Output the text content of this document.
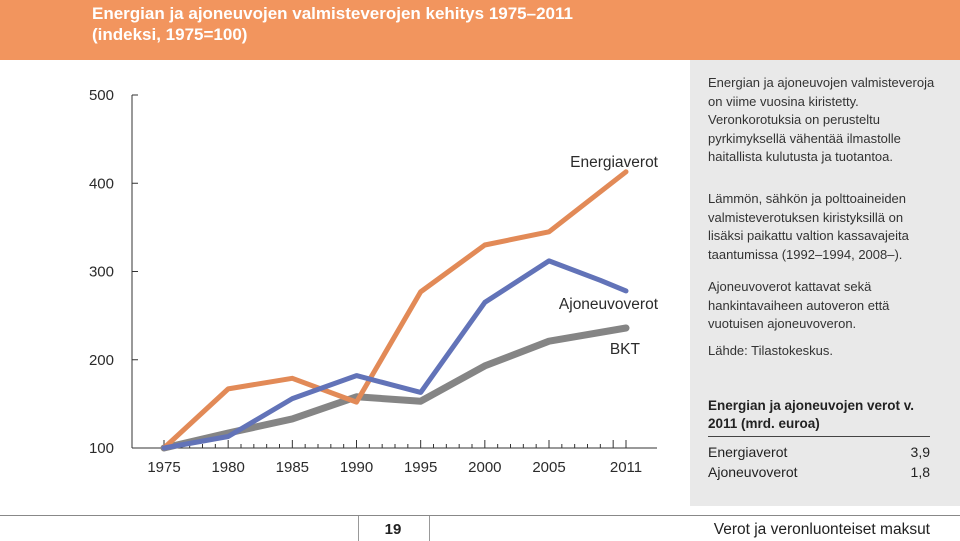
Energian ja ajoneuvojen valmisteverojen kehitys 1975–2011
(indeksi, 1975=100)
100
200
300
400
500
1975 1980 1985 1990 1995 2000 2005	2011
Energiaverot
Ajoneuvoverot
BKT

Energian ja ajoneuvojen valmisteveroja on viime vuosina kiristetty. Veronkorotuksia on perusteltu pyrkimyksellä vähentää ilmastolle haitallista kulutusta ja tuotantoa.

Lämmön, sähkön ja polttoaineiden valmisteverotuksen kiristyksillä on lisäksi paikattu valtion kassavajeita taantumissa (1992–1994, 2008–).

Ajoneuvoverot kattavat sekä hankintavaiheen autoveron että vuotuisen ajoneuvoveron.

Lähde: Tilastokeskus.

Energian ja ajoneuvojen verot v. 2011 (mrd. euroa)
Energiaverot	3,9
Ajoneuvoverot	1,8
19	Verot ja veronluonteiset maksut
